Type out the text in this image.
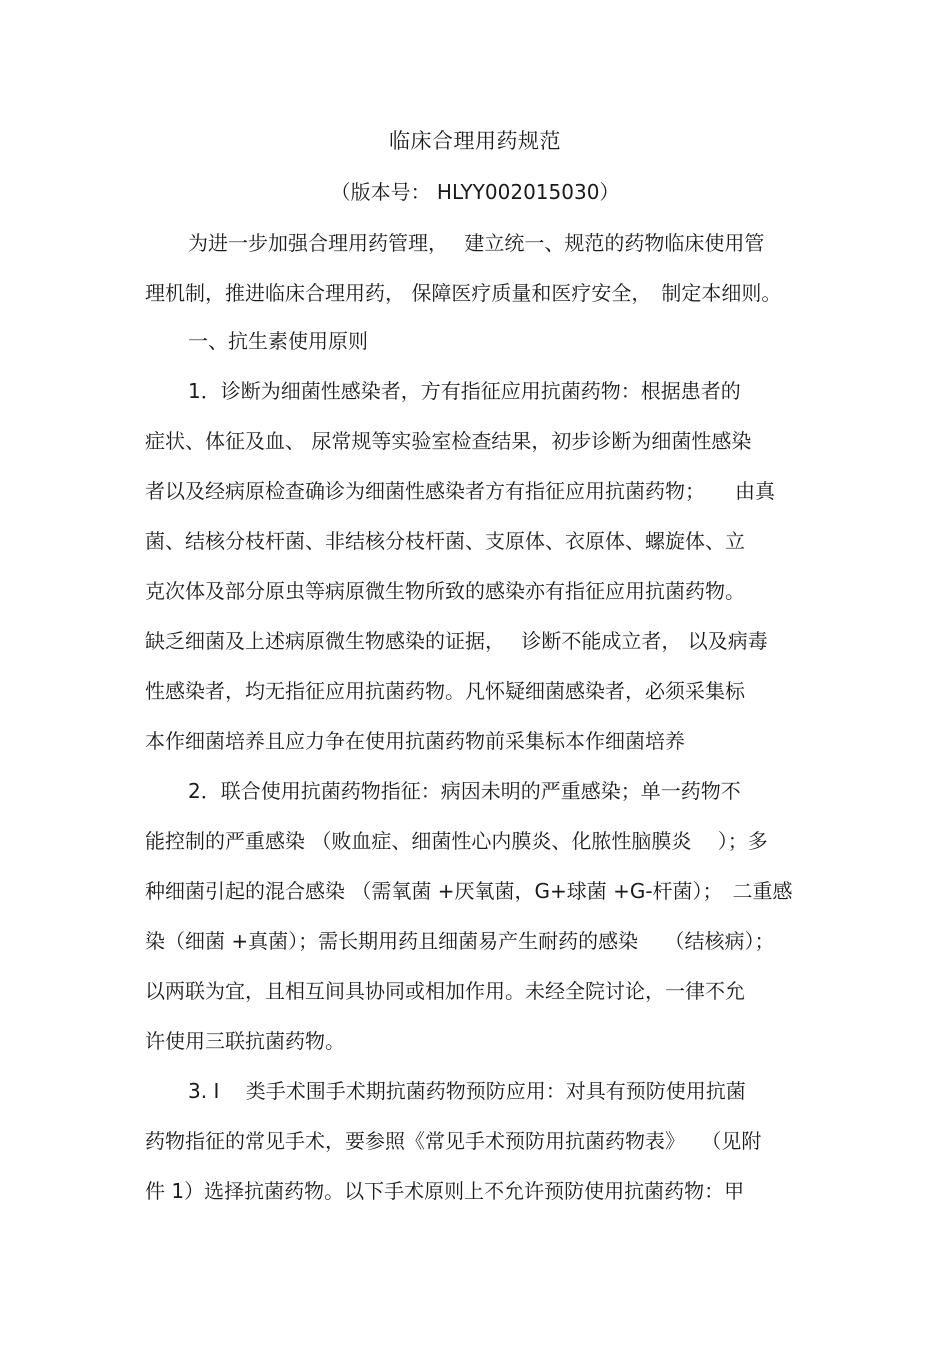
临床合理用药规范
（版本号： HLYY002015030）
为进一步加强合理用药管理，　 建立统一、规范的药物临床使用管
理机制，推进临床合理用药， 保障医疗质量和医疗安全，　制定本细则。
一、抗生素使用原则
1．诊断为细菌性感染者，方有指征应用抗菌药物：根据患者的
症状、体征及血、 尿常规等实验室检查结果，初步诊断为细菌性感染
者以及经病原检查确诊为细菌性感染者方有指征应用抗菌药物；　　由真
菌、结核分枝杆菌、非结核分枝杆菌、支原体、衣原体、螺旋体、立
克次体及部分原虫等病原微生物所致的感染亦有指征应用抗菌药物。
缺乏细菌及上述病原微生物感染的证据，　 诊断不能成立者， 以及病毒
性感染者，均无指征应用抗菌药物。凡怀疑细菌感染者，必须采集标
本作细菌培养且应力争在使用抗菌药物前采集标本作细菌培养
2．联合使用抗菌药物指征：病因未明的严重感染；单一药物不
能控制的严重感染 （败血症、细菌性心内膜炎、化脓性脑膜炎　 ）；多
种细菌引起的混合感染 （需氧菌 +厌氧菌，G+球菌 +G-杆菌）；　二重感
染（细菌 +真菌）；需长期用药且细菌易产生耐药的感染　 （结核病）；
以两联为宜，且相互间具协同或相加作用。未经全院讨论，一律不允
许使用三联抗菌药物。
3. I　 类手术围手术期抗菌药物预防应用：对具有预防使用抗菌
药物指征的常见手术，要参照《常见手术预防用抗菌药物表》　 （见附
件 1）选择抗菌药物。以下手术原则上不允许预防使用抗菌药物：甲
